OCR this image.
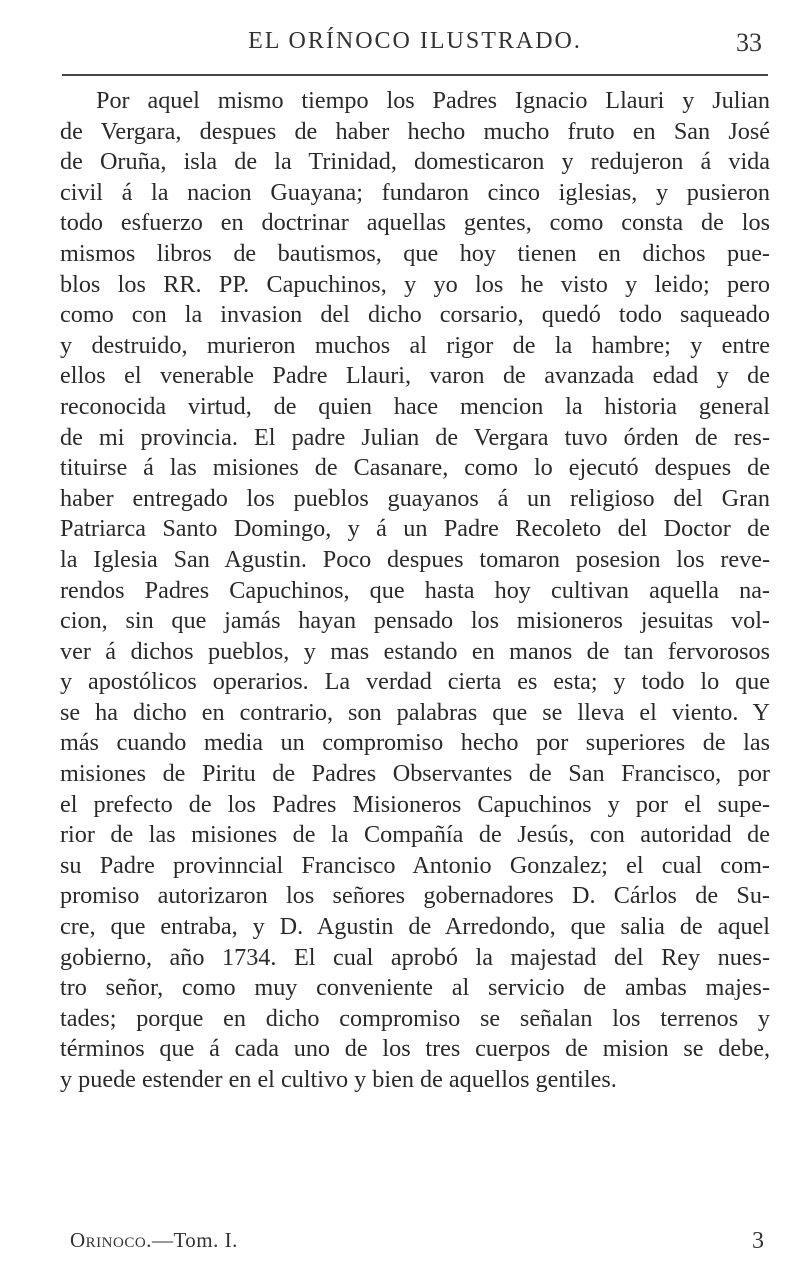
EL ORÍNOCO ILUSTRADO.	33
Por aquel mismo tiempo los Padres Ignacio Llauri y Julian
de Vergara, despues de haber hecho mucho fruto en San José
de Oruña, isla de la Trinidad, domesticaron y redujeron á vida
civil á la nacion Guayana; fundaron cinco iglesias, y pusieron
todo esfuerzo en doctrinar aquellas gentes, como consta de los
mismos libros de bautismos, que hoy tienen en dichos pue-
blos los RR. PP. Capuchinos, y yo los he visto y leido; pero
como con la invasion del dicho corsario, quedó todo saqueado
y destruido, murieron muchos al rigor de la hambre; y entre
ellos el venerable Padre Llauri, varon de avanzada edad y de
reconocida virtud, de quien hace mencion la historia general
de mi provincia. El padre Julian de Vergara tuvo órden de res-
tituirse á las misiones de Casanare, como lo ejecutó despues de
haber entregado los pueblos guayanos á un religioso del Gran
Patriarca Santo Domingo, y á un Padre Recoleto del Doctor de
la Iglesia San Agustin. Poco despues tomaron posesion los reve-
rendos Padres Capuchinos, que hasta hoy cultivan aquella na-
cion, sin que jamás hayan pensado los misioneros jesuitas vol-
ver á dichos pueblos, y mas estando en manos de tan fervorosos
y apostólicos operarios. La verdad cierta es esta; y todo lo que
se ha dicho en contrario, son palabras que se lleva el viento. Y
más cuando media un compromiso hecho por superiores de las
misiones de Piritu de Padres Observantes de San Francisco, por
el prefecto de los Padres Misioneros Capuchinos y por el supe-
rior de las misiones de la Compañía de Jesús, con autoridad de
su Padre provinncial Francisco Antonio Gonzalez; el cual com-
promiso autorizaron los señores gobernadores D. Cárlos de Su-
cre, que entraba, y D. Agustin de Arredondo, que salia de aquel
gobierno, año 1734. El cual aprobó la majestad del Rey nues-
tro señor, como muy conveniente al servicio de ambas majes-
tades; porque en dicho compromiso se señalan los terrenos y
términos que á cada uno de los tres cuerpos de mision se debe,
y puede estender en el cultivo y bien de aquellos gentiles.
Orinoco.—Tom. I.	3
